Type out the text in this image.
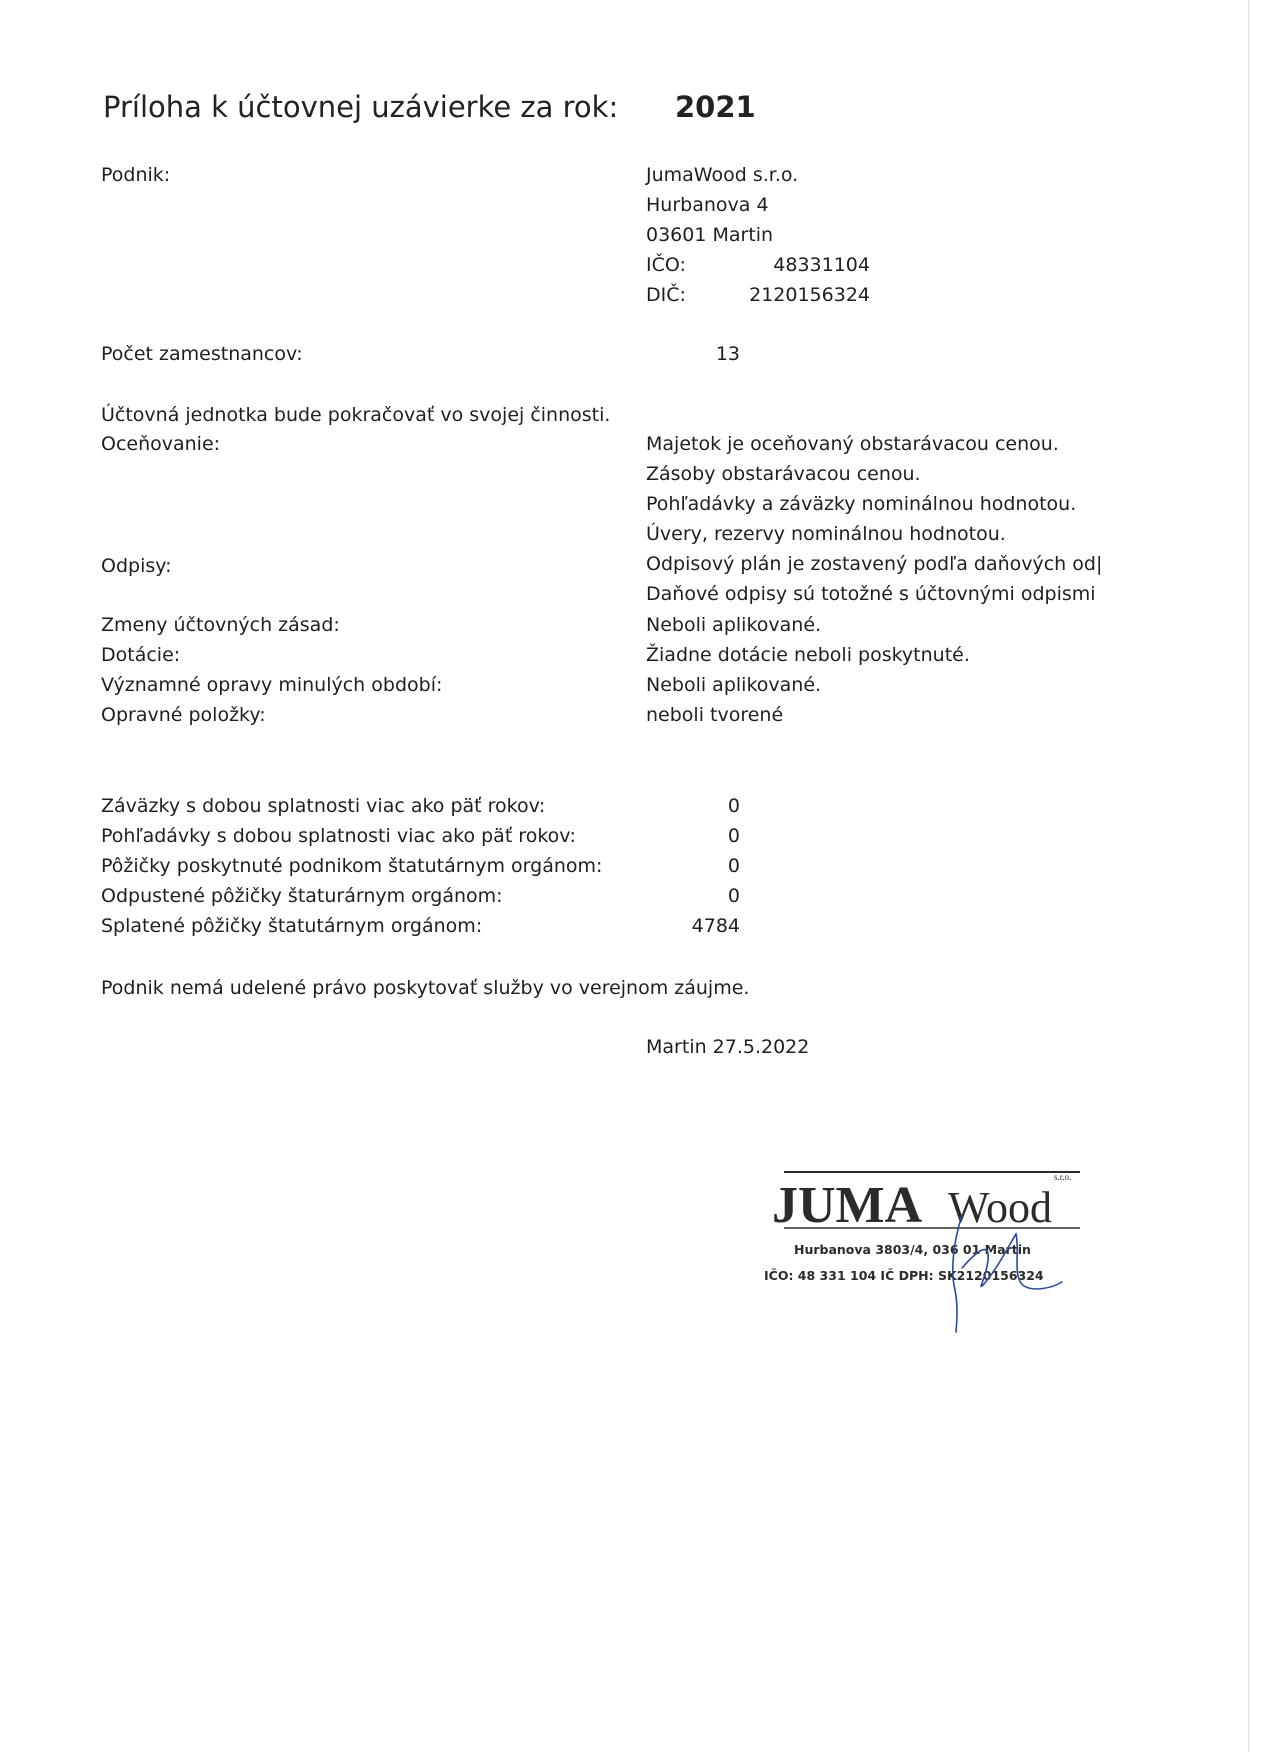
Príloha k účtovnej uzávierke za rok: 2021
Podnik:	JumaWood s.r.o.
Hurbanova 4
03601 Martin
IČO:	48331104
DIČ:	2120156324
Počet zamestnancov:	13
Účtovná jednotka bude pokračovať vo svojej činnosti.
Oceňovanie:	Majetok je oceňovaný obstarávacou cenou.
Zásoby obstarávacou cenou.
Pohľadávky a záväzky nominálnou hodnotou.
Úvery, rezervy nominálnou hodnotou.
Odpisy:	Odpisový plán je zostavený podľa daňových od|
Daňové odpisy sú totožné s účtovnými odpismi
Zmeny účtovných zásad:	Neboli aplikované.
Dotácie:	Žiadne dotácie neboli poskytnuté.
Významné opravy minulých období:	Neboli aplikované.
Opravné položky:	neboli tvorené
Záväzky s dobou splatnosti viac ako päť rokov:	0
Pohľadávky s dobou splatnosti viac ako päť rokov:	0
Pôžičky poskytnuté podnikom štatutárnym orgánom:	0
Odpustené pôžičky štaturárnym orgánom:	0
Splatené pôžičky štatutárnym orgánom:	4784
Podnik nemá udelené právo poskytovať služby vo verejnom záujme.
Martin 27.5.2022
s.r.o.
JUMA Wood
Hurbanova 3803/4, 036 01 Martin
IČO: 48 331 104 IČ DPH: SK2120156324
